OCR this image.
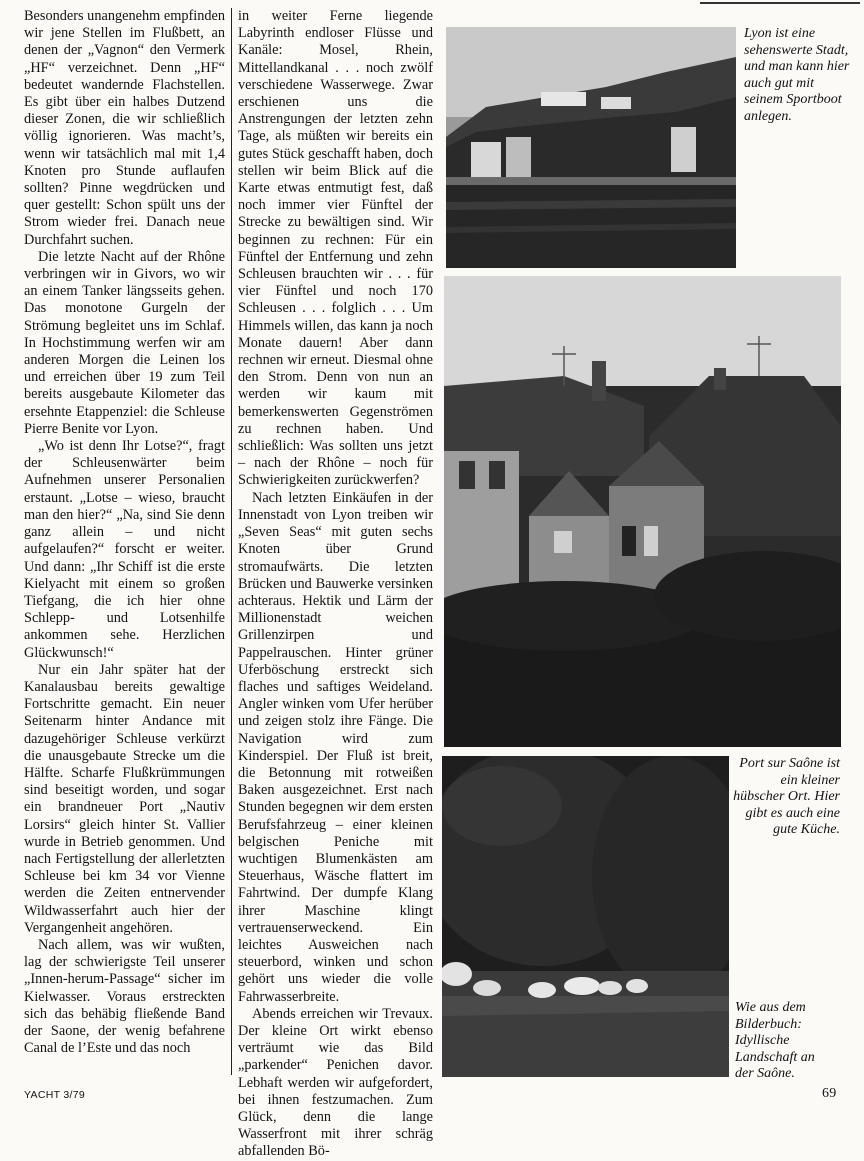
Besonders unangenehm empfinden wir jene Stellen im Flußbett, an denen der „Vagnon“ den Vermerk „HF“ verzeichnet. Denn „HF“ bedeutet wandernde Flachstellen. Es gibt über ein halbes Dutzend dieser Zonen, die wir schließlich völlig ignorieren. Was macht’s, wenn wir tatsächlich mal mit 1,4 Knoten pro Stunde auflaufen sollten? Pinne wegdrücken und quer gestellt: Schon spült uns der Strom wieder frei. Danach neue Durchfahrt suchen.

Die letzte Nacht auf der Rhône verbringen wir in Givors, wo wir an einem Tanker längsseits gehen. Das monotone Gurgeln der Strömung begleitet uns im Schlaf. In Hochstimmung werfen wir am anderen Morgen die Leinen los und erreichen über 19 zum Teil bereits ausgebaute Kilometer das ersehnte Etappenziel: die Schleuse Pierre Benite vor Lyon.

„Wo ist denn Ihr Lotse?“, fragt der Schleusenwärter beim Aufnehmen unserer Personalien erstaunt. „Lotse – wieso, braucht man den hier?“ „Na, sind Sie denn ganz allein – und nicht aufgelaufen?“ forscht er weiter. Und dann: „Ihr Schiff ist die erste Kielyacht mit einem so großen Tiefgang, die ich hier ohne Schlepp- und Lotsenhilfe ankommen sehe. Herzlichen Glückwunsch!“

Nur ein Jahr später hat der Kanalausbau bereits gewaltige Fortschritte gemacht. Ein neuer Seitenarm hinter Andance mit dazugehöriger Schleuse verkürzt die unausgebaute Strecke um die Hälfte. Scharfe Flußkrümmungen sind beseitigt worden, und sogar ein brandneuer Port „Nautiv Lorsirs“ gleich hinter St. Vallier wurde in Betrieb genommen. Und nach Fertigstellung der allerletzten Schleuse bei km 34 vor Vienne werden die Zeiten entnervender Wildwasserfahrt auch hier der Vergangenheit angehören.

Nach allem, was wir wußten, lag der schwierigste Teil unserer „Innen-herum-Passage“ sicher im Kielwasser. Voraus erstreckten sich das behäbig fließende Band der Saone, der wenig befahrene Canal de l’Este und das noch

in weiter Ferne liegende Labyrinth endloser Flüsse und Kanäle: Mosel, Rhein, Mittellandkanal . . . noch zwölf verschiedene Wasserwege. Zwar erschienen uns die Anstrengungen der letzten zehn Tage, als müßten wir bereits ein gutes Stück geschafft haben, doch stellen wir beim Blick auf die Karte etwas entmutigt fest, daß noch immer vier Fünftel der Strecke zu bewältigen sind. Wir beginnen zu rechnen: Für ein Fünftel der Entfernung und zehn Schleusen brauchten wir . . . für vier Fünftel und noch 170 Schleusen . . . folglich . . . Um Himmels willen, das kann ja noch Monate dauern! Aber dann rechnen wir erneut. Diesmal ohne den Strom. Denn von nun an werden wir kaum mit bemerkenswerten Gegenströmen zu rechnen haben. Und schließlich: Was sollten uns jetzt – nach der Rhône – noch für Schwierigkeiten zurückwerfen?

Nach letzten Einkäufen in der Innenstadt von Lyon treiben wir „Seven Seas“ mit guten sechs Knoten über Grund stromaufwärts. Die letzten Brücken und Bauwerke versinken achteraus. Hektik und Lärm der Millionenstadt weichen Grillenzirpen und Pappelrauschen. Hinter grüner Uferböschung erstreckt sich flaches und saftiges Weideland. Angler winken vom Ufer herüber und zeigen stolz ihre Fänge. Die Navigation wird zum Kinderspiel. Der Fluß ist breit, die Betonnung mit rotweißen Baken ausgezeichnet. Erst nach Stunden begegnen wir dem ersten Berufsfahrzeug – einer kleinen belgischen Peniche mit wuchtigen Blumenkästen am Steuerhaus, Wäsche flattert im Fahrtwind. Der dumpfe Klang ihrer Maschine klingt vertrauenserweckend. Ein leichtes Ausweichen nach steuerbord, winken und schon gehört uns wieder die volle Fahrwasserbreite.

Abends erreichen wir Trevaux. Der kleine Ort wirkt ebenso verträumt wie das Bild „parkender“ Penichen davor. Lebhaft werden wir aufgefordert, bei ihnen festzumachen. Zum Glück, denn die lange Wasserfront mit ihrer schräg abfallenden Bö-

Lyon ist eine sehenswerte Stadt, und man kann hier auch gut mit seinem Sportboot anlegen.
Port sur Saône ist ein kleiner hübscher Ort. Hier gibt es auch eine gute Küche.
Wie aus dem Bilderbuch: Idyllische Landschaft an der Saône.
YACHT 3/79	69
